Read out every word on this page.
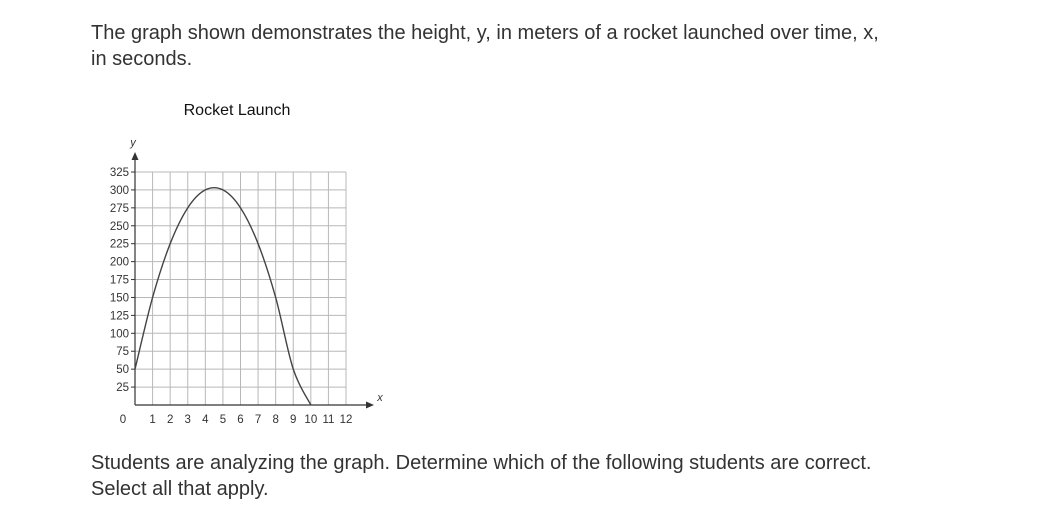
The graph shown demonstrates the height, y, in meters of a rocket launched over time, x, in seconds.

Rocket Launch
y
x
25
50
75
100
125
150
175
200
225
250
275
300
325
0 1 2 3 4 5 6 7 8 9 10 11 12

Students are analyzing the graph. Determine which of the following students are correct. Select all that apply.
